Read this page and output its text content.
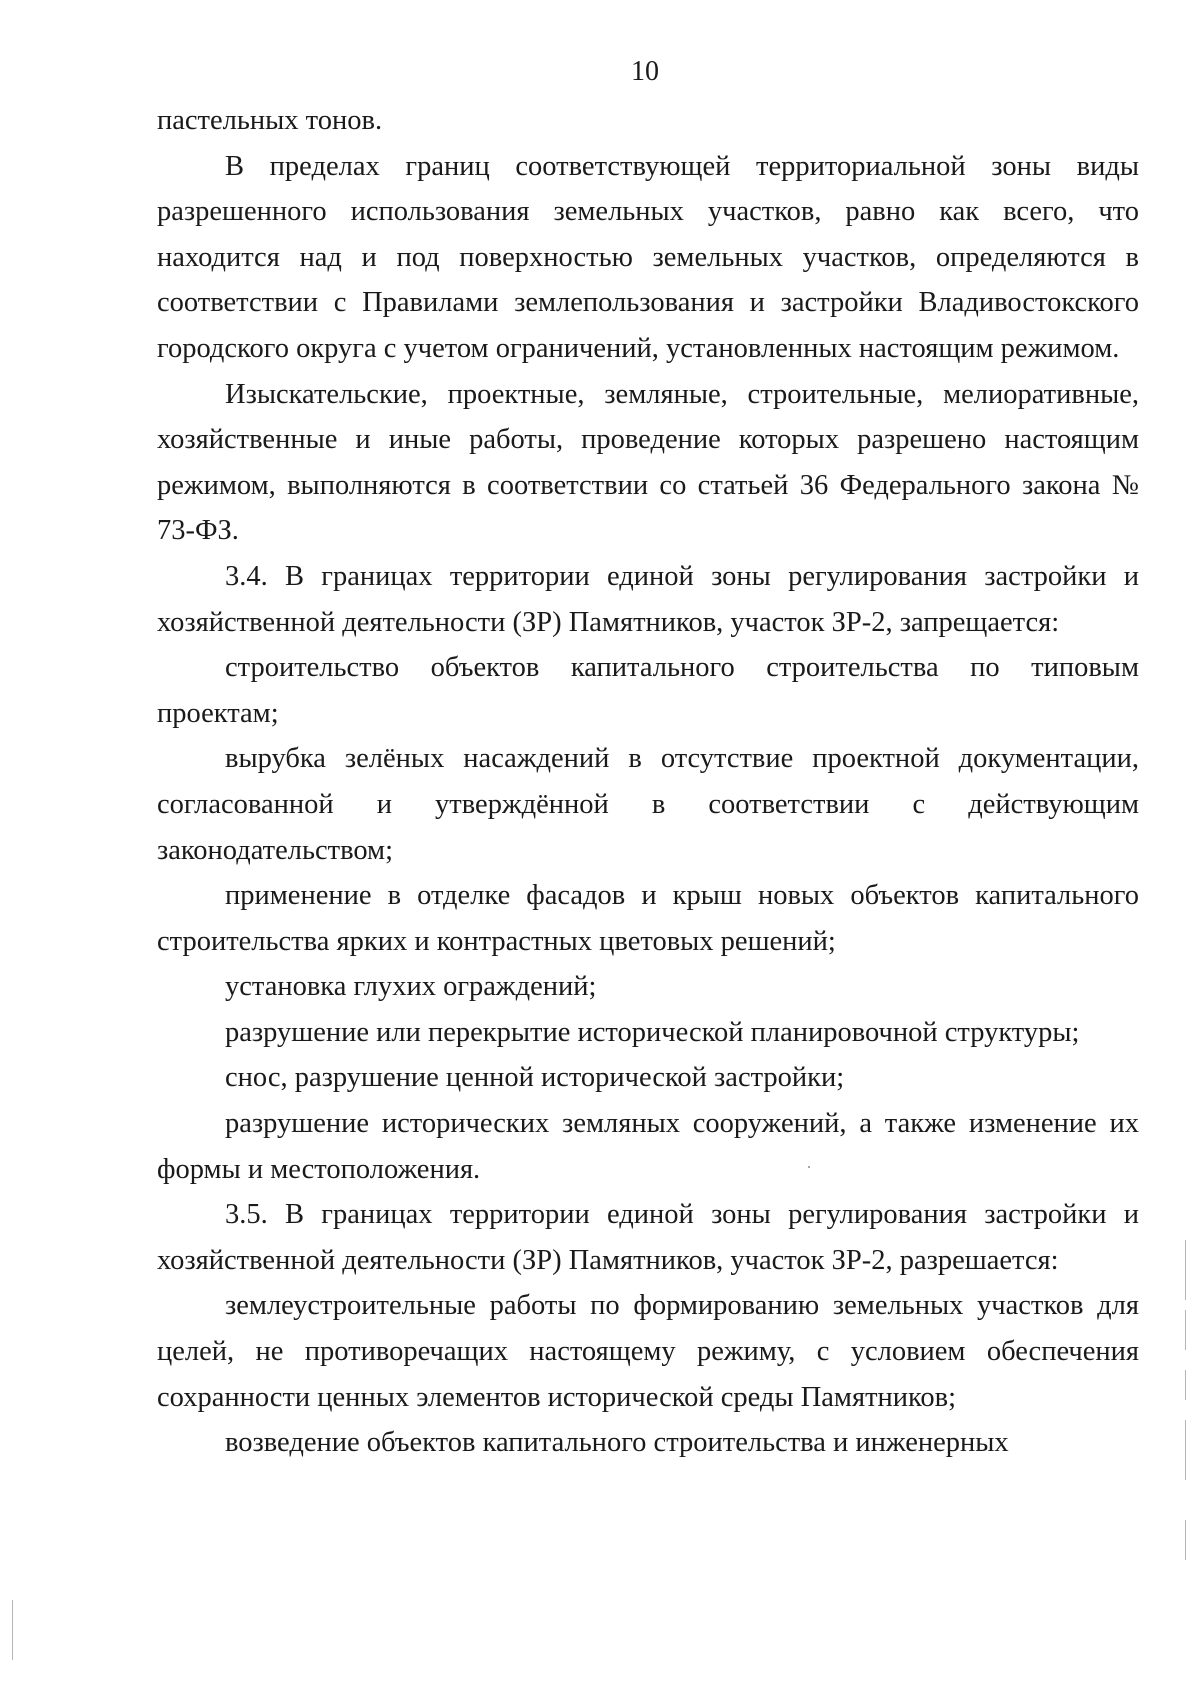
10

пастельных тонов.

В пределах границ соответствующей территориальной зоны виды разрешенного использования земельных участков, равно как всего, что находится над и под поверхностью земельных участков, определяются в соответствии с Правилами землепользования и застройки Владивостокского городского округа с учетом ограничений, установленных настоящим режимом.

Изыскательские, проектные, земляные, строительные, мелиоративные, хозяйственные и иные работы, проведение которых разрешено настоящим режимом, выполняются в соответствии со статьей 36 Федерального закона № 73-ФЗ.

3.4. В границах территории единой зоны регулирования застройки и хозяйственной деятельности (ЗР) Памятников, участок ЗР-2, запрещается:

строительство объектов капитального строительства по типовым проектам;

вырубка зелёных насаждений в отсутствие проектной документации, согласованной и утверждённой в соответствии с действующим законодательством;

применение в отделке фасадов и крыш новых объектов капитального строительства ярких и контрастных цветовых решений;

установка глухих ограждений;

разрушение или перекрытие исторической планировочной структуры;

снос, разрушение ценной исторической застройки;

разрушение исторических земляных сооружений, а также изменение их формы и местоположения.

3.5. В границах территории единой зоны регулирования застройки и хозяйственной деятельности (ЗР) Памятников, участок ЗР-2, разрешается:

землеустроительные работы по формированию земельных участков для целей, не противоречащих настоящему режиму, с условием обеспечения сохранности ценных элементов исторической среды Памятников;

возведение объектов капитального строительства и инженерных
